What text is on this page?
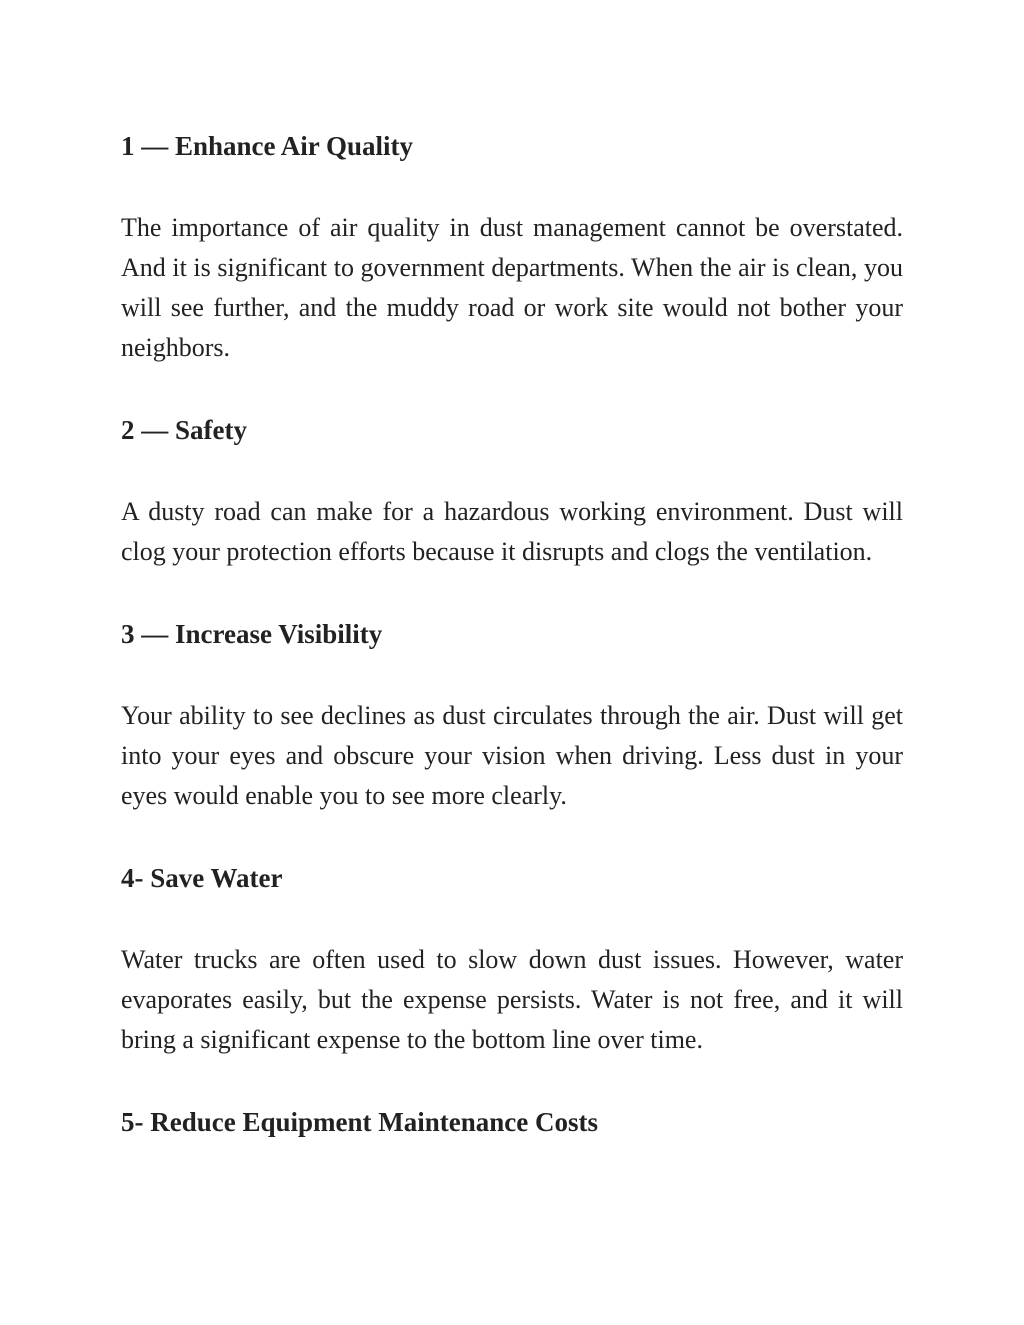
1 — Enhance Air Quality

The importance of air quality in dust management cannot be overstated. And it is significant to government departments. When the air is clean, you will see further, and the muddy road or work site would not bother your neighbors.

2 — Safety

A dusty road can make for a hazardous working environment. Dust will clog your protection efforts because it disrupts and clogs the ventilation.

3 — Increase Visibility

Your ability to see declines as dust circulates through the air. Dust will get into your eyes and obscure your vision when driving. Less dust in your eyes would enable you to see more clearly.

4- Save Water

Water trucks are often used to slow down dust issues. However, water evaporates easily, but the expense persists. Water is not free, and it will bring a significant expense to the bottom line over time.

5- Reduce Equipment Maintenance Costs
